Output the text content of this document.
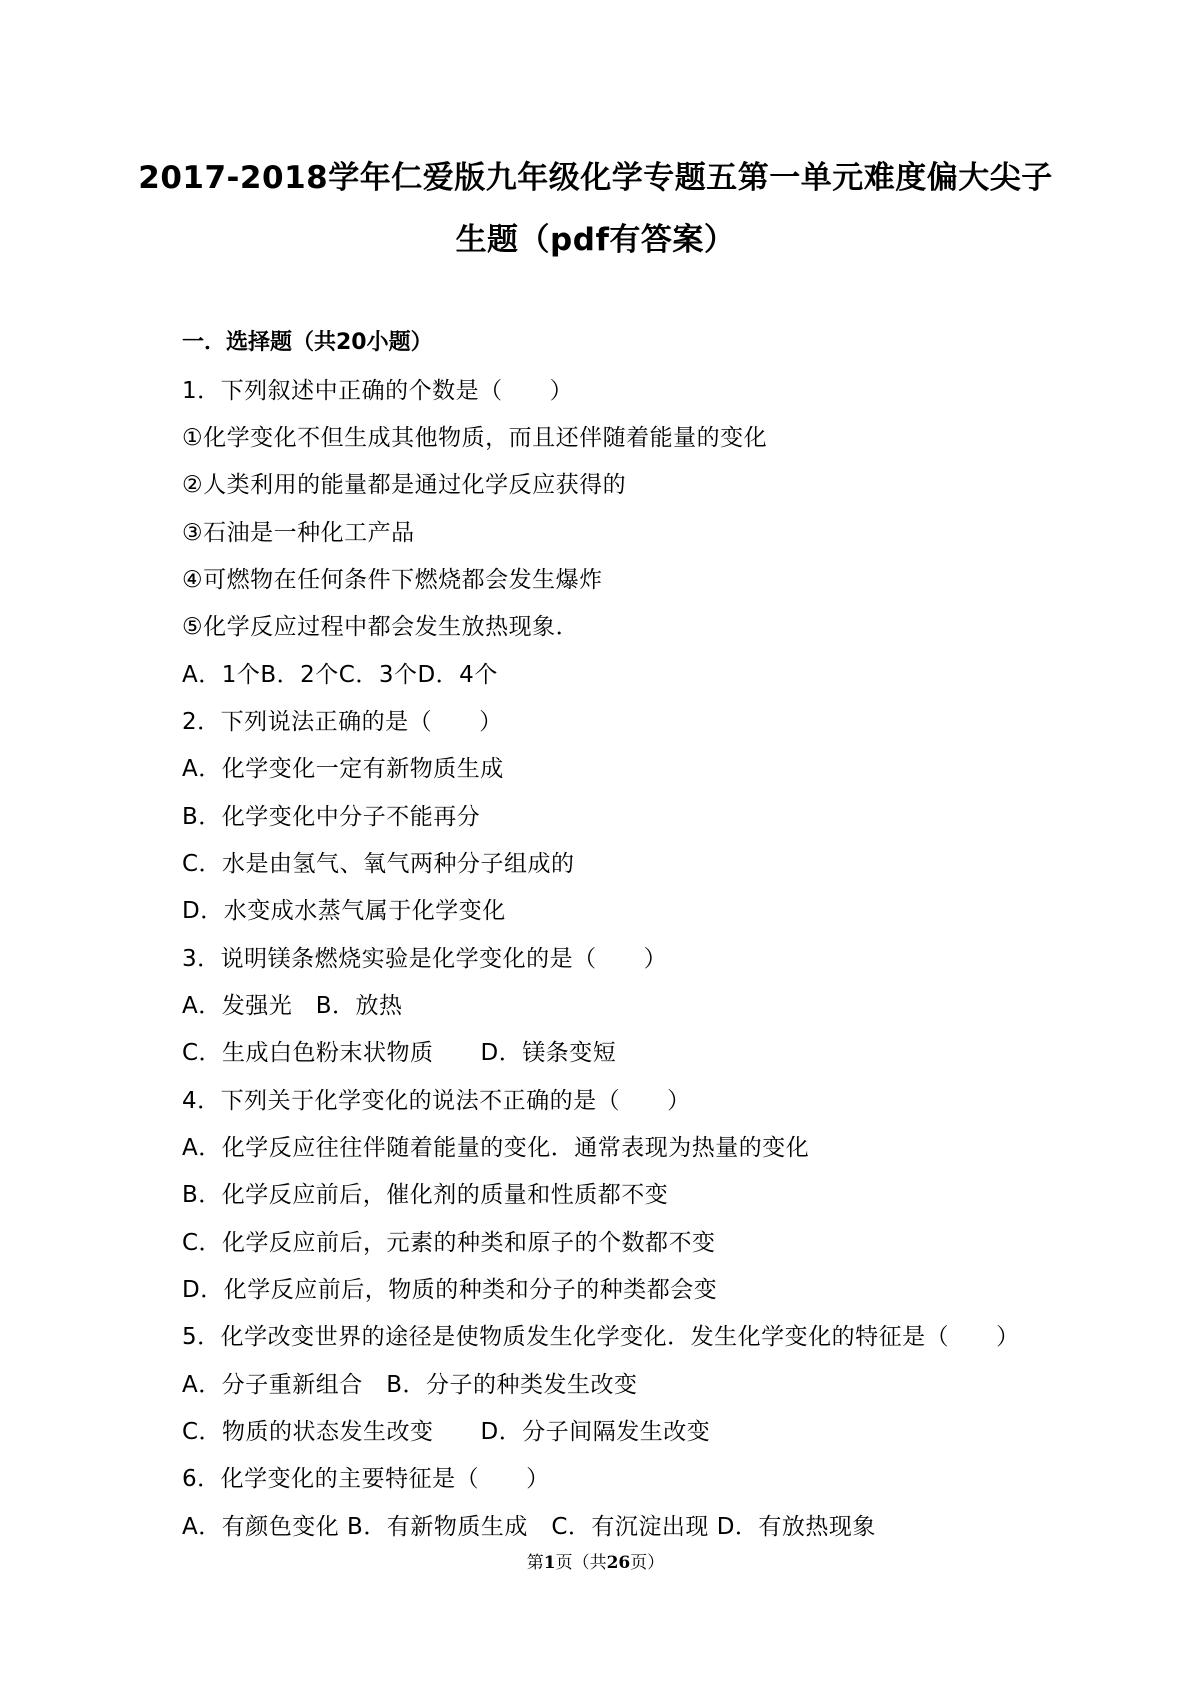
2017-2018学年仁爱版九年级化学专题五第一单元难度偏大尖子
生题（pdf有答案）
一．选择题（共20小题）
1．下列叙述中正确的个数是（　　）
①化学变化不但生成其他物质，而且还伴随着能量的变化
②人类利用的能量都是通过化学反应获得的
③石油是一种化工产品
④可燃物在任何条件下燃烧都会发生爆炸
⑤化学反应过程中都会发生放热现象．
A．1个B．2个C．3个D．4个
2．下列说法正确的是（　　）
A．化学变化一定有新物质生成
B．化学变化中分子不能再分
C．水是由氢气、氧气两种分子组成的
D．水变成水蒸气属于化学变化
3．说明镁条燃烧实验是化学变化的是（　　）
A．发强光　B．放热
C．生成白色粉末状物质　　D．镁条变短
4．下列关于化学变化的说法不正确的是（　　）
A．化学反应往往伴随着能量的变化．通常表现为热量的变化
B．化学反应前后，催化剂的质量和性质都不变
C．化学反应前后，元素的种类和原子的个数都不变
D．化学反应前后，物质的种类和分子的种类都会变
5．化学改变世界的途径是使物质发生化学变化．发生化学变化的特征是（　　）
A．分子重新组合　B．分子的种类发生改变
C．物质的状态发生改变　　D．分子间隔发生改变
6．化学变化的主要特征是（　　）
A．有颜色变化 B．有新物质生成　C．有沉淀出现 D．有放热现象
第1页（共26页）
